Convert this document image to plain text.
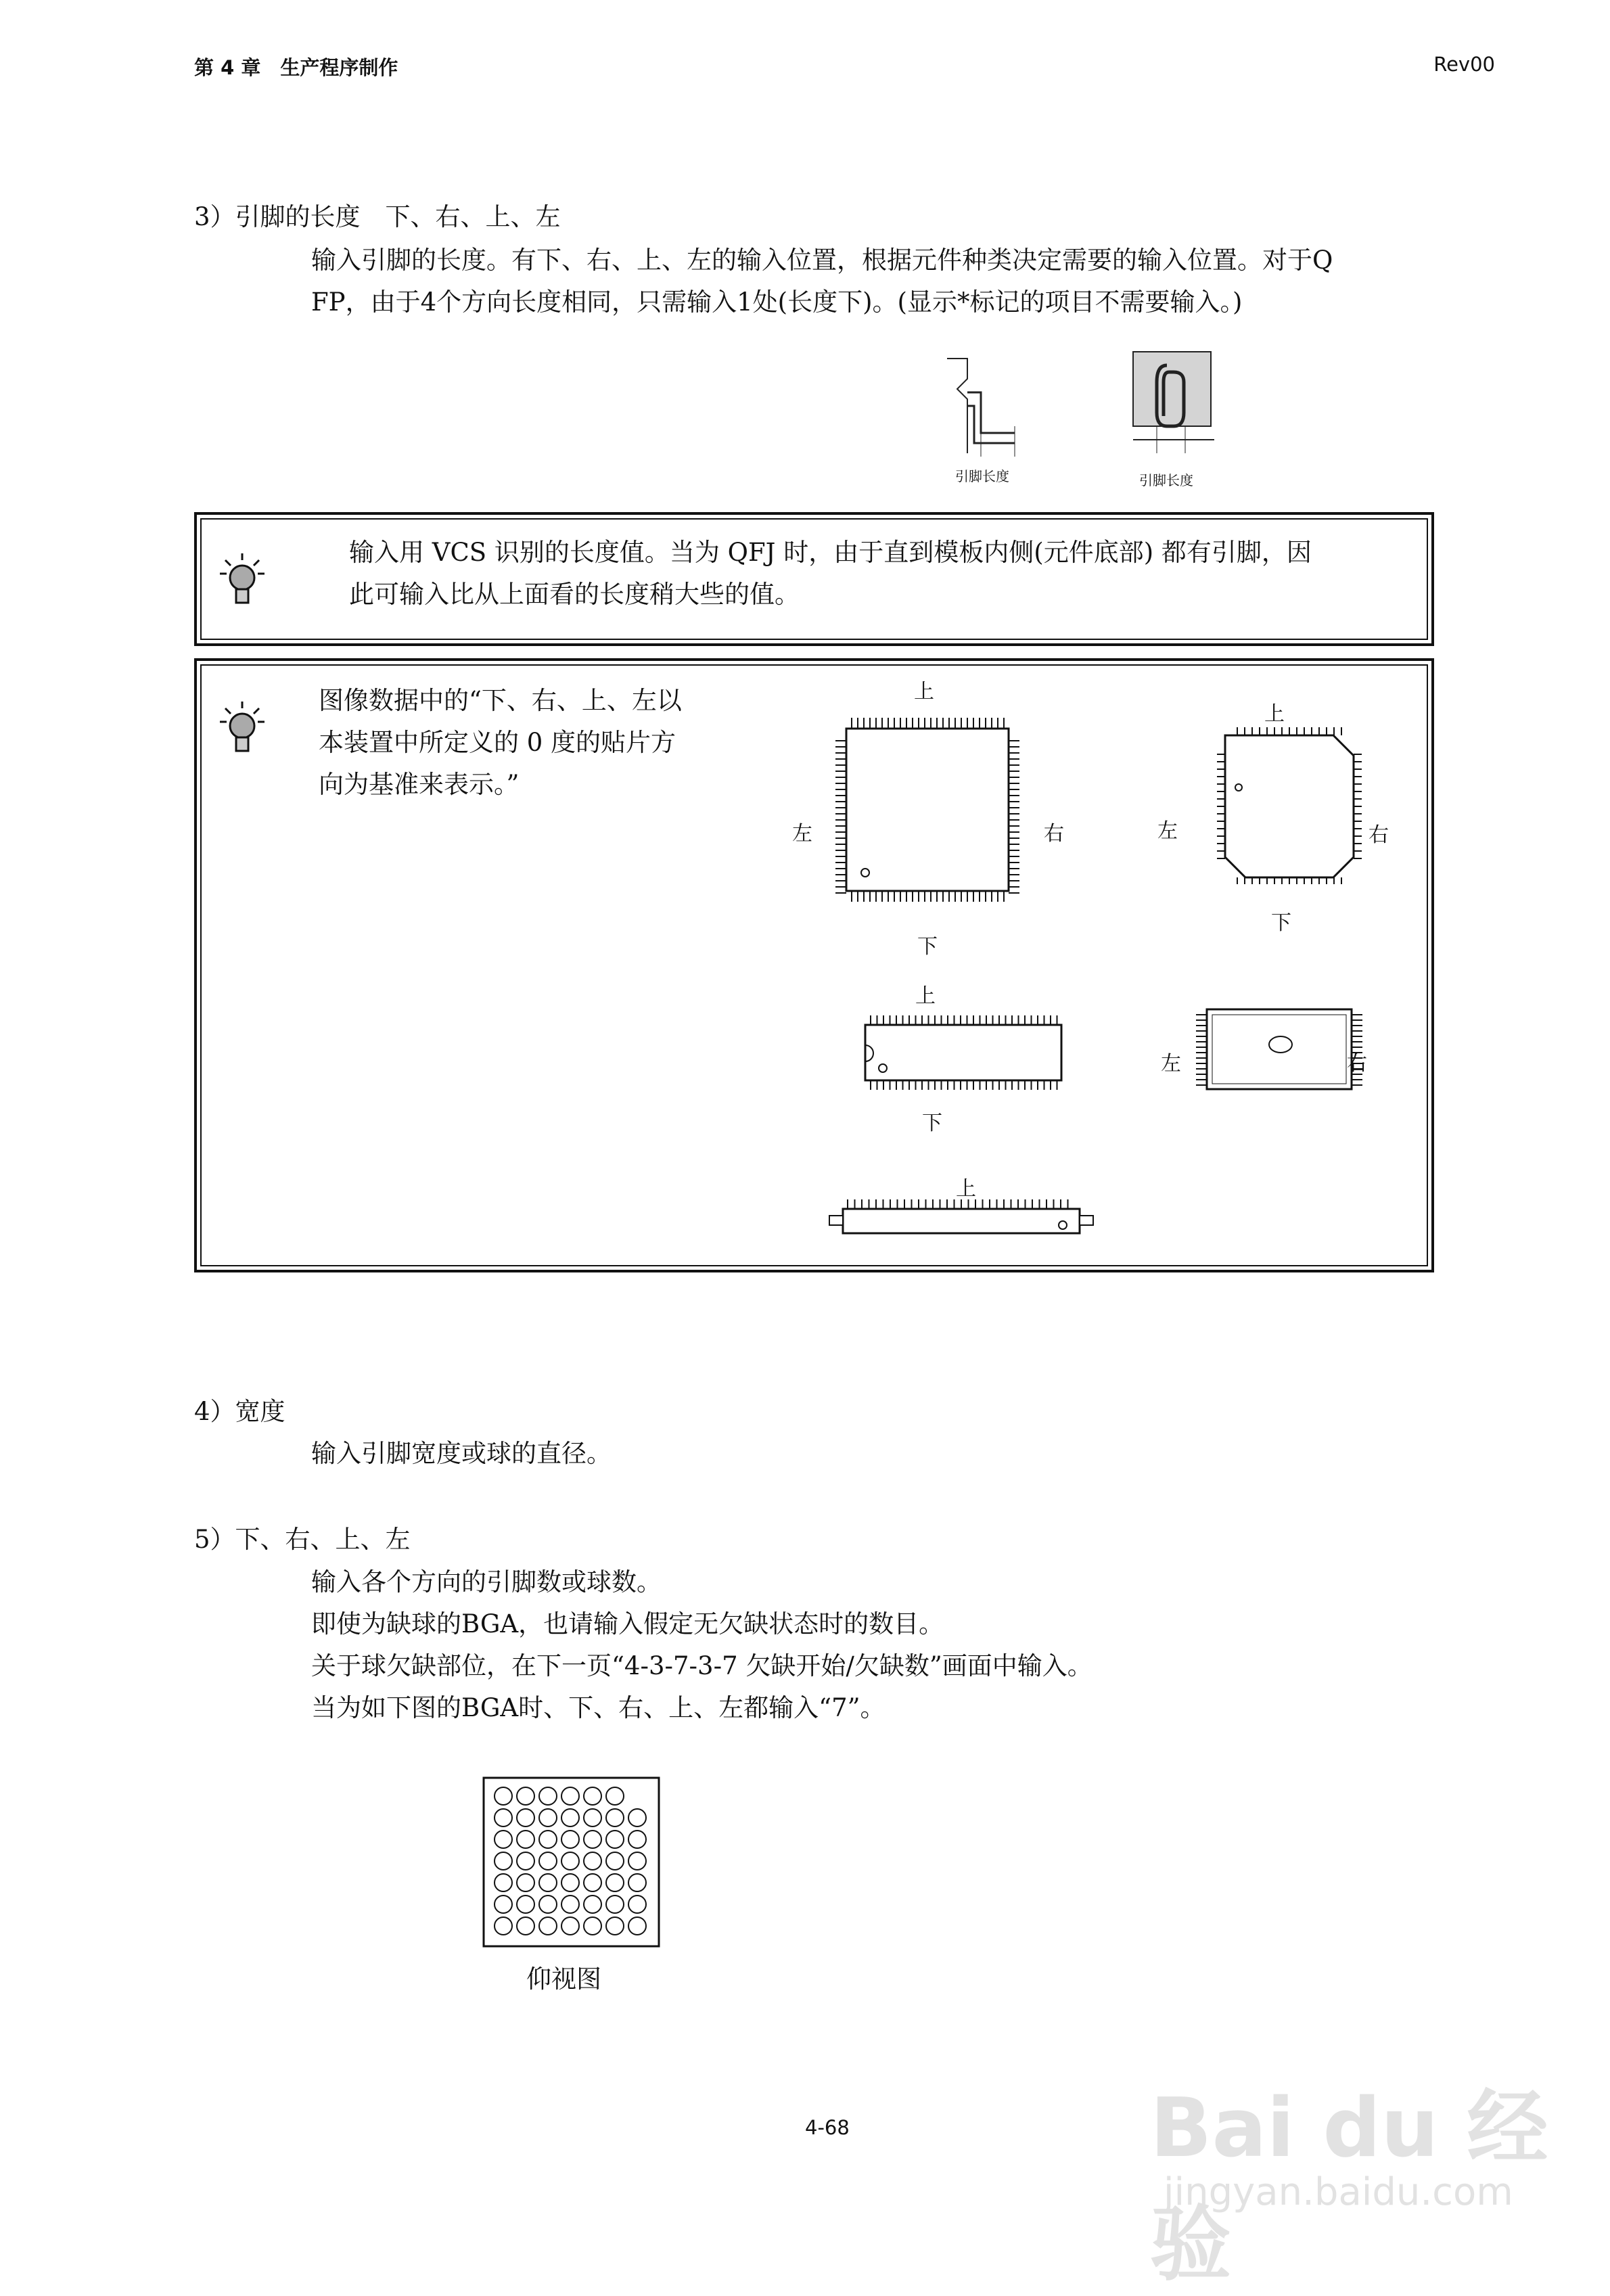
第 4 章　生产程序制作	Rev00
3）引脚的长度　下、右、上、左
输入引脚的长度。有下、右、上、左的输入位置，根据元件种类决定需要的输入位置。对于Q
FP，由于4个方向长度相同，只需输入1处(长度下)。(显示*标记的项目不需要输入。)
引脚长度	引脚长度
输入用 VCS 识别的长度值。当为 QFJ 时，由于直到模板内侧(元件底部) 都有引脚，因
此可输入比从上面看的长度稍大些的值。
图像数据中的“下、右、上、左以
本装置中所定义的 0 度的贴片方
向为基准来表示。”
上
下
左	右
上
下
左	右
上
下
左	右
上
4）宽度
输入引脚宽度或球的直径。
5）下、右、上、左
输入各个方向的引脚数或球数。
即使为缺球的BGA，也请输入假定无欠缺状态时的数目。
关于球欠缺部位，在下一页“4-3-7-3-7 欠缺开始/欠缺数”画面中输入。
当为如下图的BGA时、下、右、上、左都输入“7”。
仰视图
4-68	Bai du 经验
jingyan.baidu.com
